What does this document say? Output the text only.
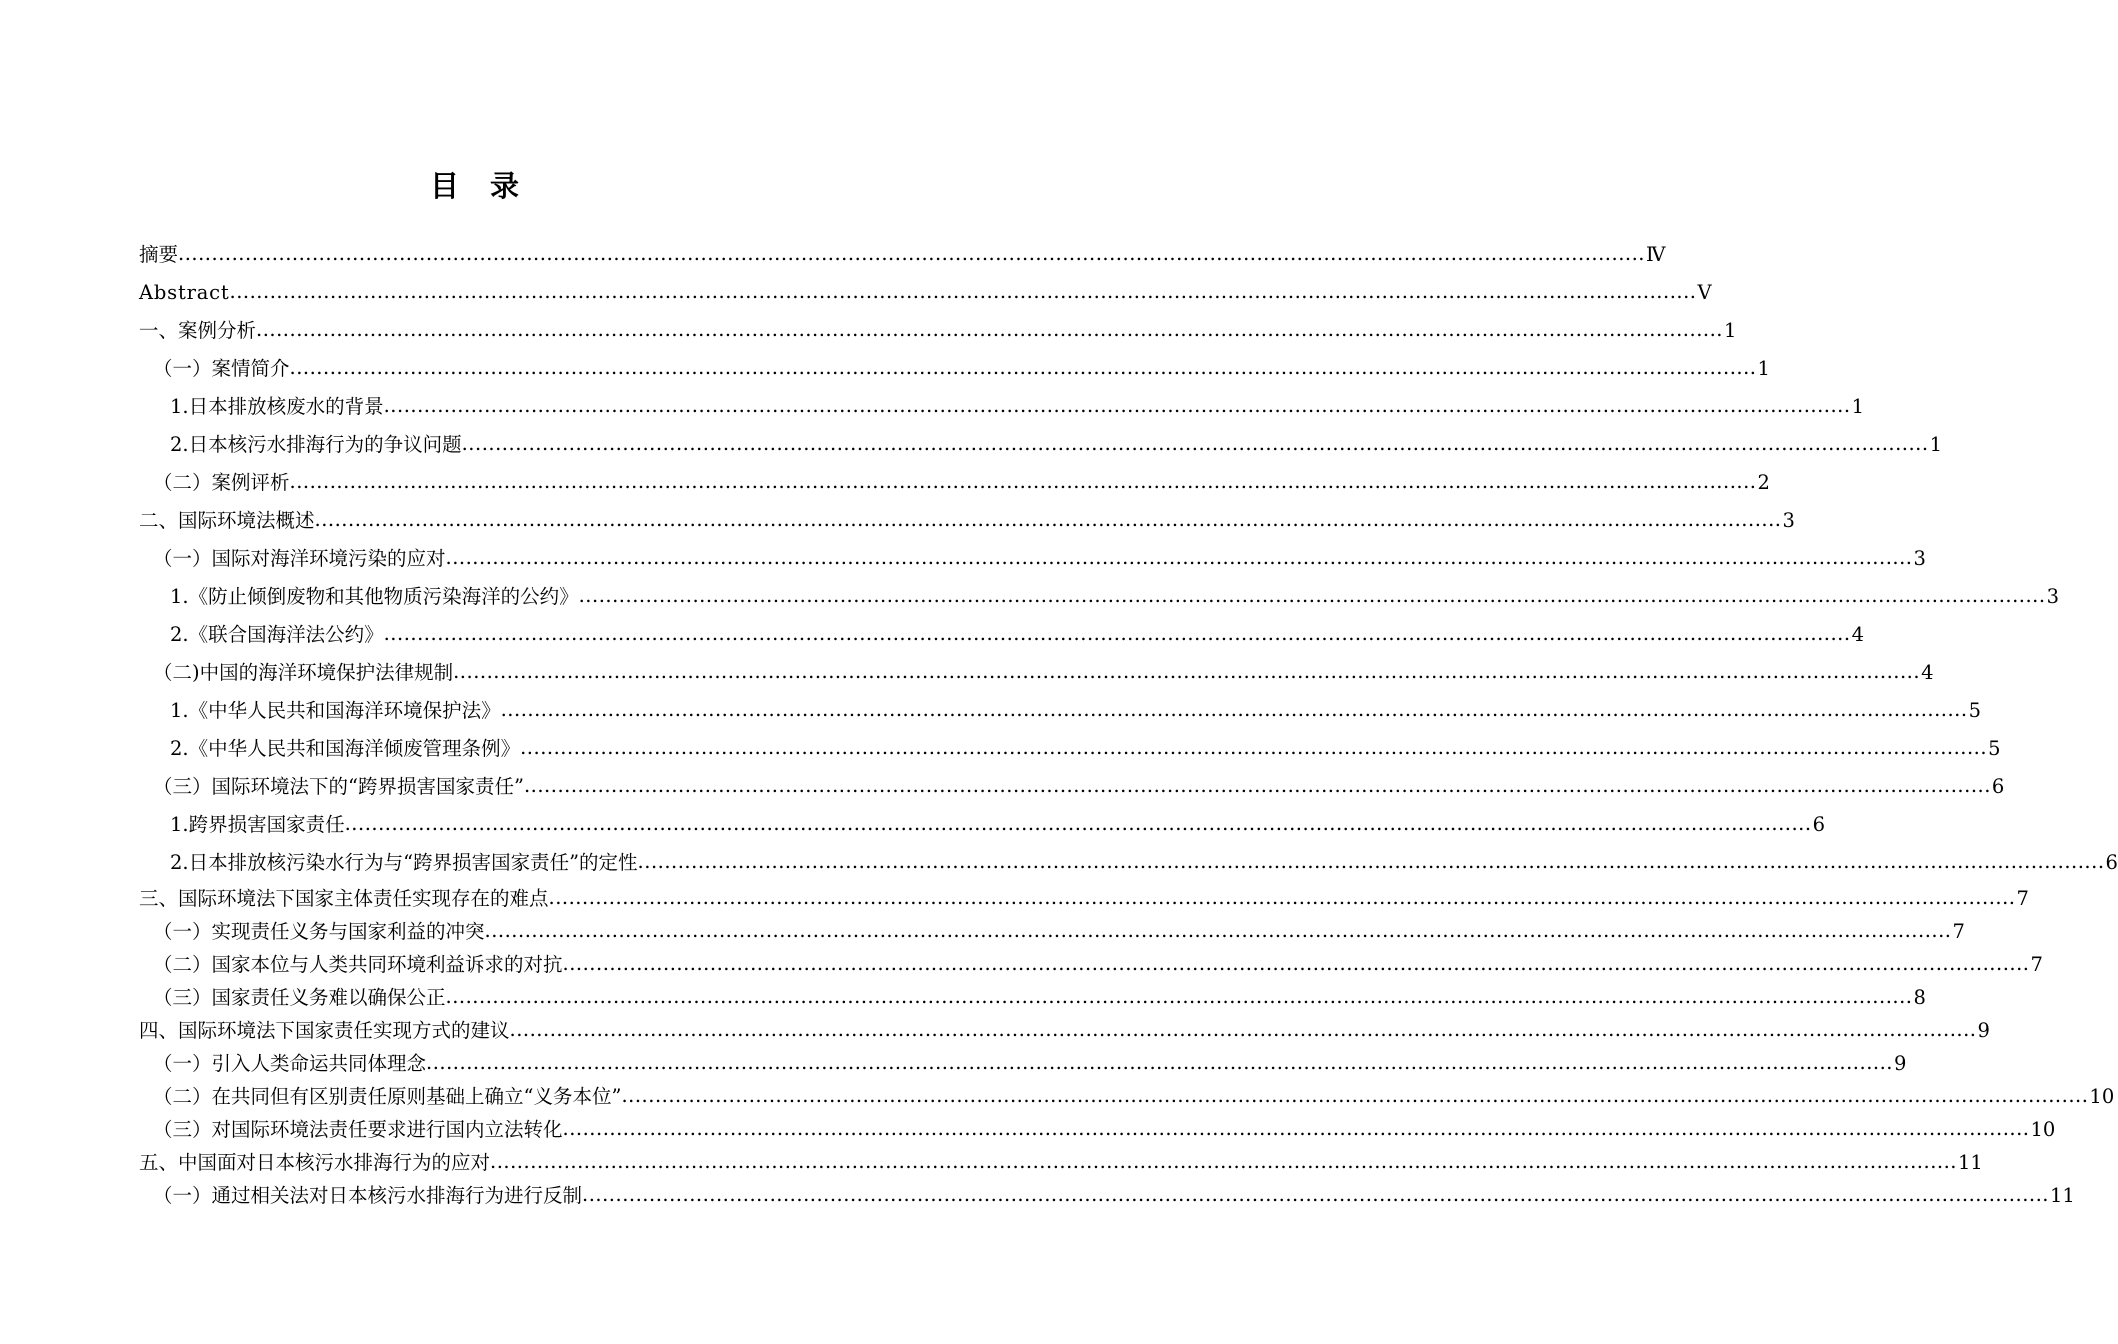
目　录
摘要 ........................................................................................................................................................................................................................... Ⅳ
Abstract ........................................................................................................................................................................................................................... V
一、案例分析 ........................................................................................................................................................................................................................... 1
（一）案情简介 ........................................................................................................................................................................................................................... 1
1.日本排放核废水的背景 ........................................................................................................................................................................................................................... 1
2.日本核污水排海行为的争议问题 ........................................................................................................................................................................................................................... 1
（二）案例评析 ........................................................................................................................................................................................................................... 2
二、国际环境法概述 ........................................................................................................................................................................................................................... 3
（一）国际对海洋环境污染的应对 ........................................................................................................................................................................................................................... 3
1.《防止倾倒废物和其他物质污染海洋的公约》 ........................................................................................................................................................................................................................... 3
2.《联合国海洋法公约》 ........................................................................................................................................................................................................................... 4
（二)中国的海洋环境保护法律规制 ........................................................................................................................................................................................................................... 4
1.《中华人民共和国海洋环境保护法》 ........................................................................................................................................................................................................................... 5
2.《中华人民共和国海洋倾废管理条例》 ........................................................................................................................................................................................................................... 5
（三）国际环境法下的“跨界损害国家责任” ........................................................................................................................................................................................................................... 6
1.跨界损害国家责任 ........................................................................................................................................................................................................................... 6
2.日本排放核污染水行为与“跨界损害国家责任”的定性 ........................................................................................................................................................................................................................... 6
三、国际环境法下国家主体责任实现存在的难点 ........................................................................................................................................................................................................................... 7
（一）实现责任义务与国家利益的冲突 ........................................................................................................................................................................................................................... 7
（二）国家本位与人类共同环境利益诉求的对抗 ........................................................................................................................................................................................................................... 7
（三）国家责任义务难以确保公正 ........................................................................................................................................................................................................................... 8
四、国际环境法下国家责任实现方式的建议 ........................................................................................................................................................................................................................... 9
（一）引入人类命运共同体理念 ........................................................................................................................................................................................................................... 9
（二）在共同但有区别责任原则基础上确立“义务本位” ........................................................................................................................................................................................................................... 10
（三）对国际环境法责任要求进行国内立法转化 ........................................................................................................................................................................................................................... 10
五、中国面对日本核污水排海行为的应对 ........................................................................................................................................................................................................................... 11
（一）通过相关法对日本核污水排海行为进行反制 ........................................................................................................................................................................................................................... 11
